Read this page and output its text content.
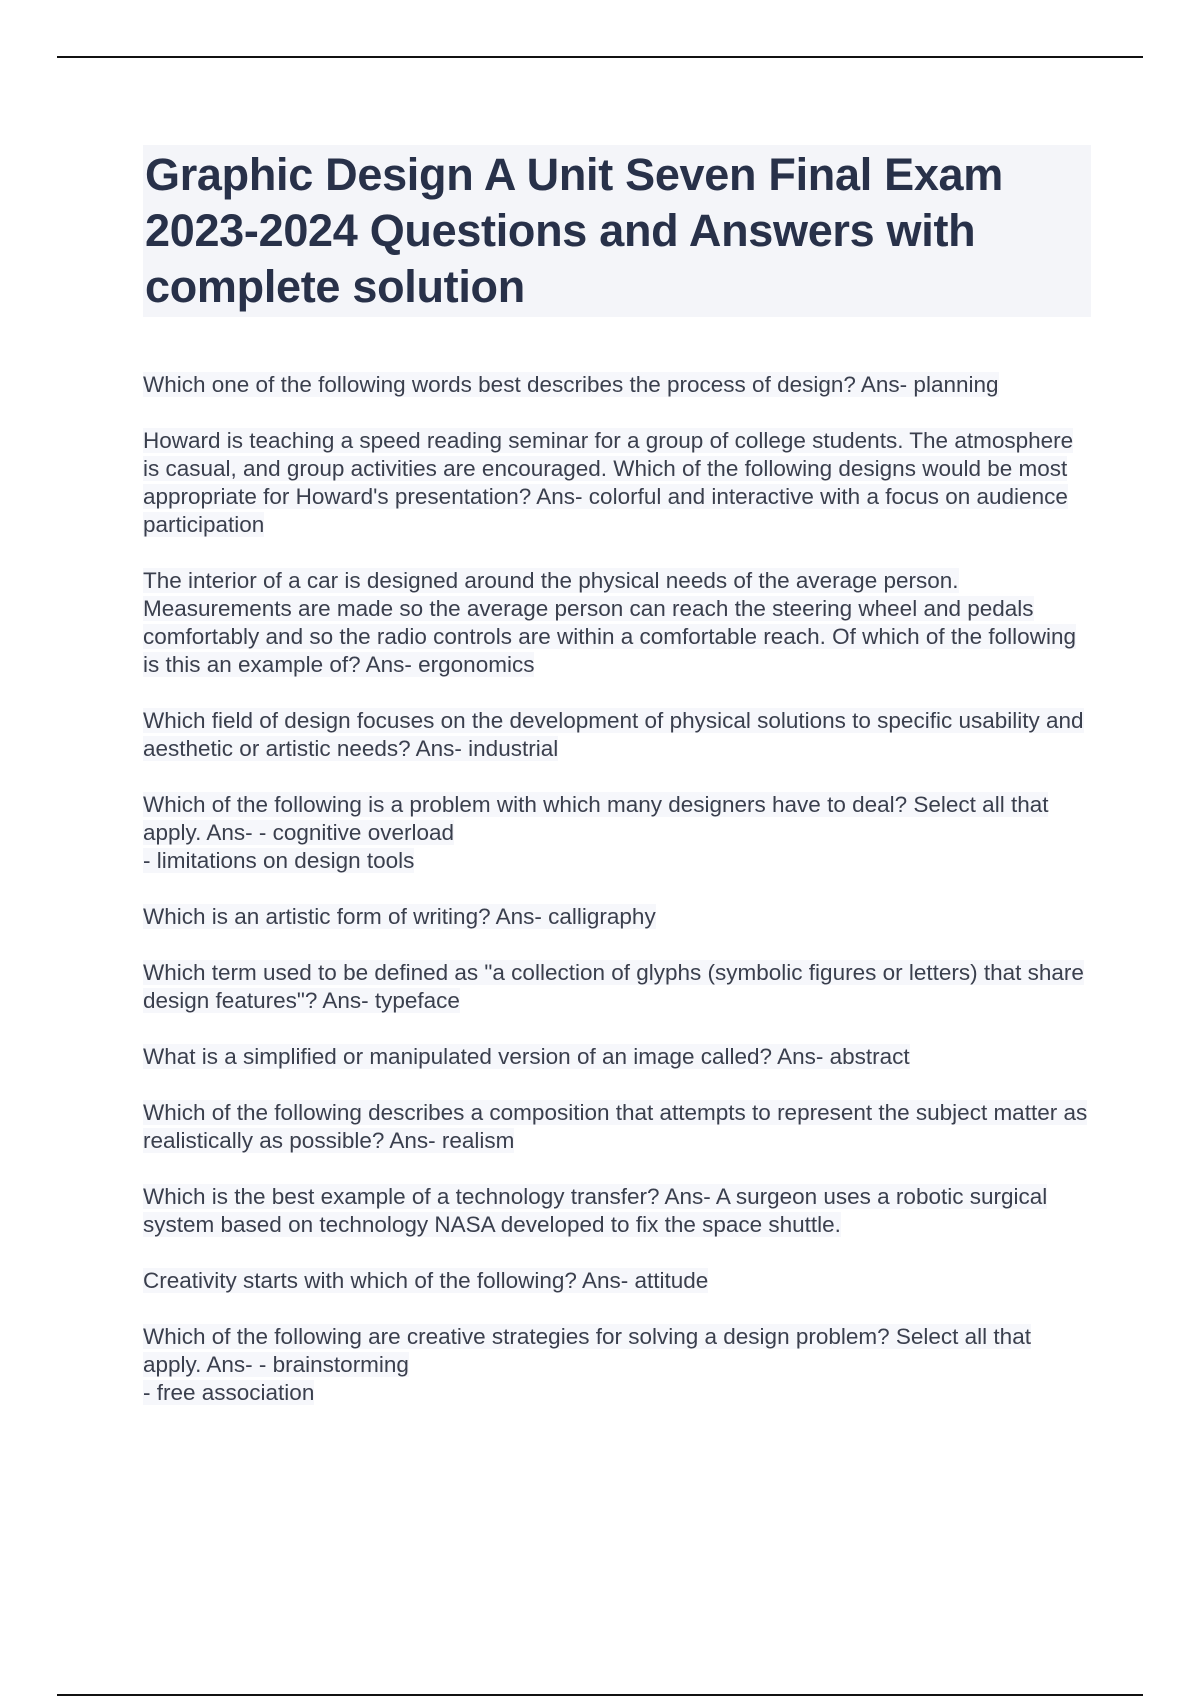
Graphic Design A Unit Seven Final Exam 2023-2024 Questions and Answers with complete solution
Which one of the following words best describes the process of design? Ans- planning
Howard is teaching a speed reading seminar for a group of college students. The atmosphere is casual, and group activities are encouraged. Which of the following designs would be most appropriate for Howard's presentation? Ans- colorful and interactive with a focus on audience participation
The interior of a car is designed around the physical needs of the average person. Measurements are made so the average person can reach the steering wheel and pedals comfortably and so the radio controls are within a comfortable reach. Of which of the following is this an example of? Ans- ergonomics
Which field of design focuses on the development of physical solutions to specific usability and aesthetic or artistic needs? Ans- industrial
Which of the following is a problem with which many designers have to deal? Select all that apply. Ans- - cognitive overload
- limitations on design tools
Which is an artistic form of writing? Ans- calligraphy
Which term used to be defined as "a collection of glyphs (symbolic figures or letters) that share design features"? Ans- typeface
What is a simplified or manipulated version of an image called? Ans- abstract
Which of the following describes a composition that attempts to represent the subject matter as realistically as possible? Ans- realism
Which is the best example of a technology transfer? Ans- A surgeon uses a robotic surgical system based on technology NASA developed to fix the space shuttle.
Creativity starts with which of the following? Ans- attitude
Which of the following are creative strategies for solving a design problem? Select all that apply. Ans- - brainstorming
- free association
